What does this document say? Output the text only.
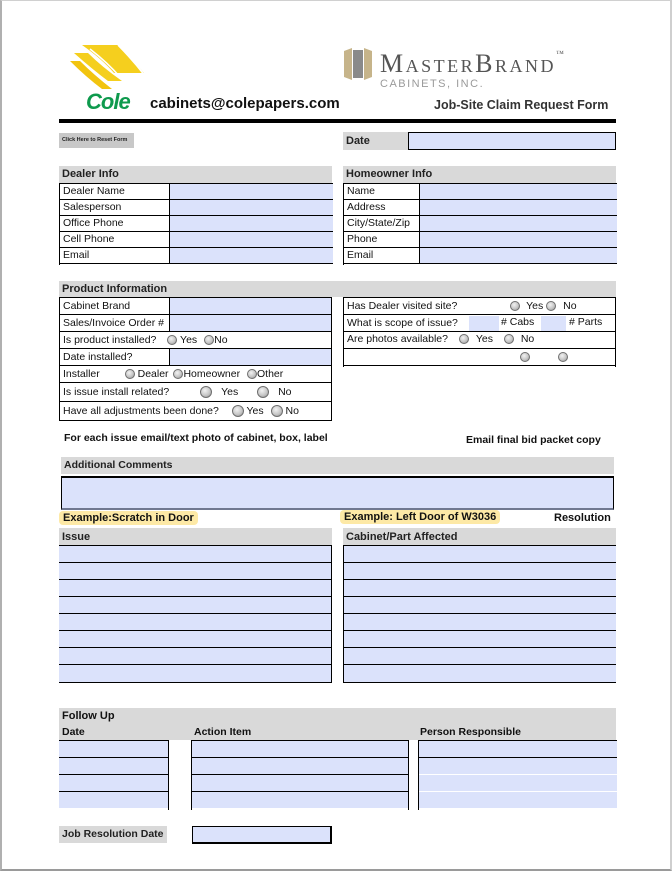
Cole cabinets@colepapers.com
MasterBrand™
CABINETS, INC.
Job-Site Claim Request Form
Click Here to Reset Form	Date
Dealer Info
Dealer Name
Salesperson
Office Phone
Cell Phone
Email
Homeowner Info
Name
Address
City/State/Zip
Phone
Email
Product Information
Cabinet Brand
Sales/Invoice Order #
Is product installed? Yes No
Date installed?
Installer	Dealer Homeowner Other
Is issue install related?	Yes	No
Have all adjustments been done?	Yes No
Has Dealer visited site?	Yes No
What is scope of issue?	# Cabs	# Parts
Are photos available?	Yes	No
For each issue email/text photo of cabinet, box, label	Email final bid packet copy
Additional Comments
Example:Scratch in Door	Example: Left Door of W3036	Resolution
Issue	Cabinet/Part Affected
Follow Up
Date	Action Item	Person Responsible
Job Resolution Date
